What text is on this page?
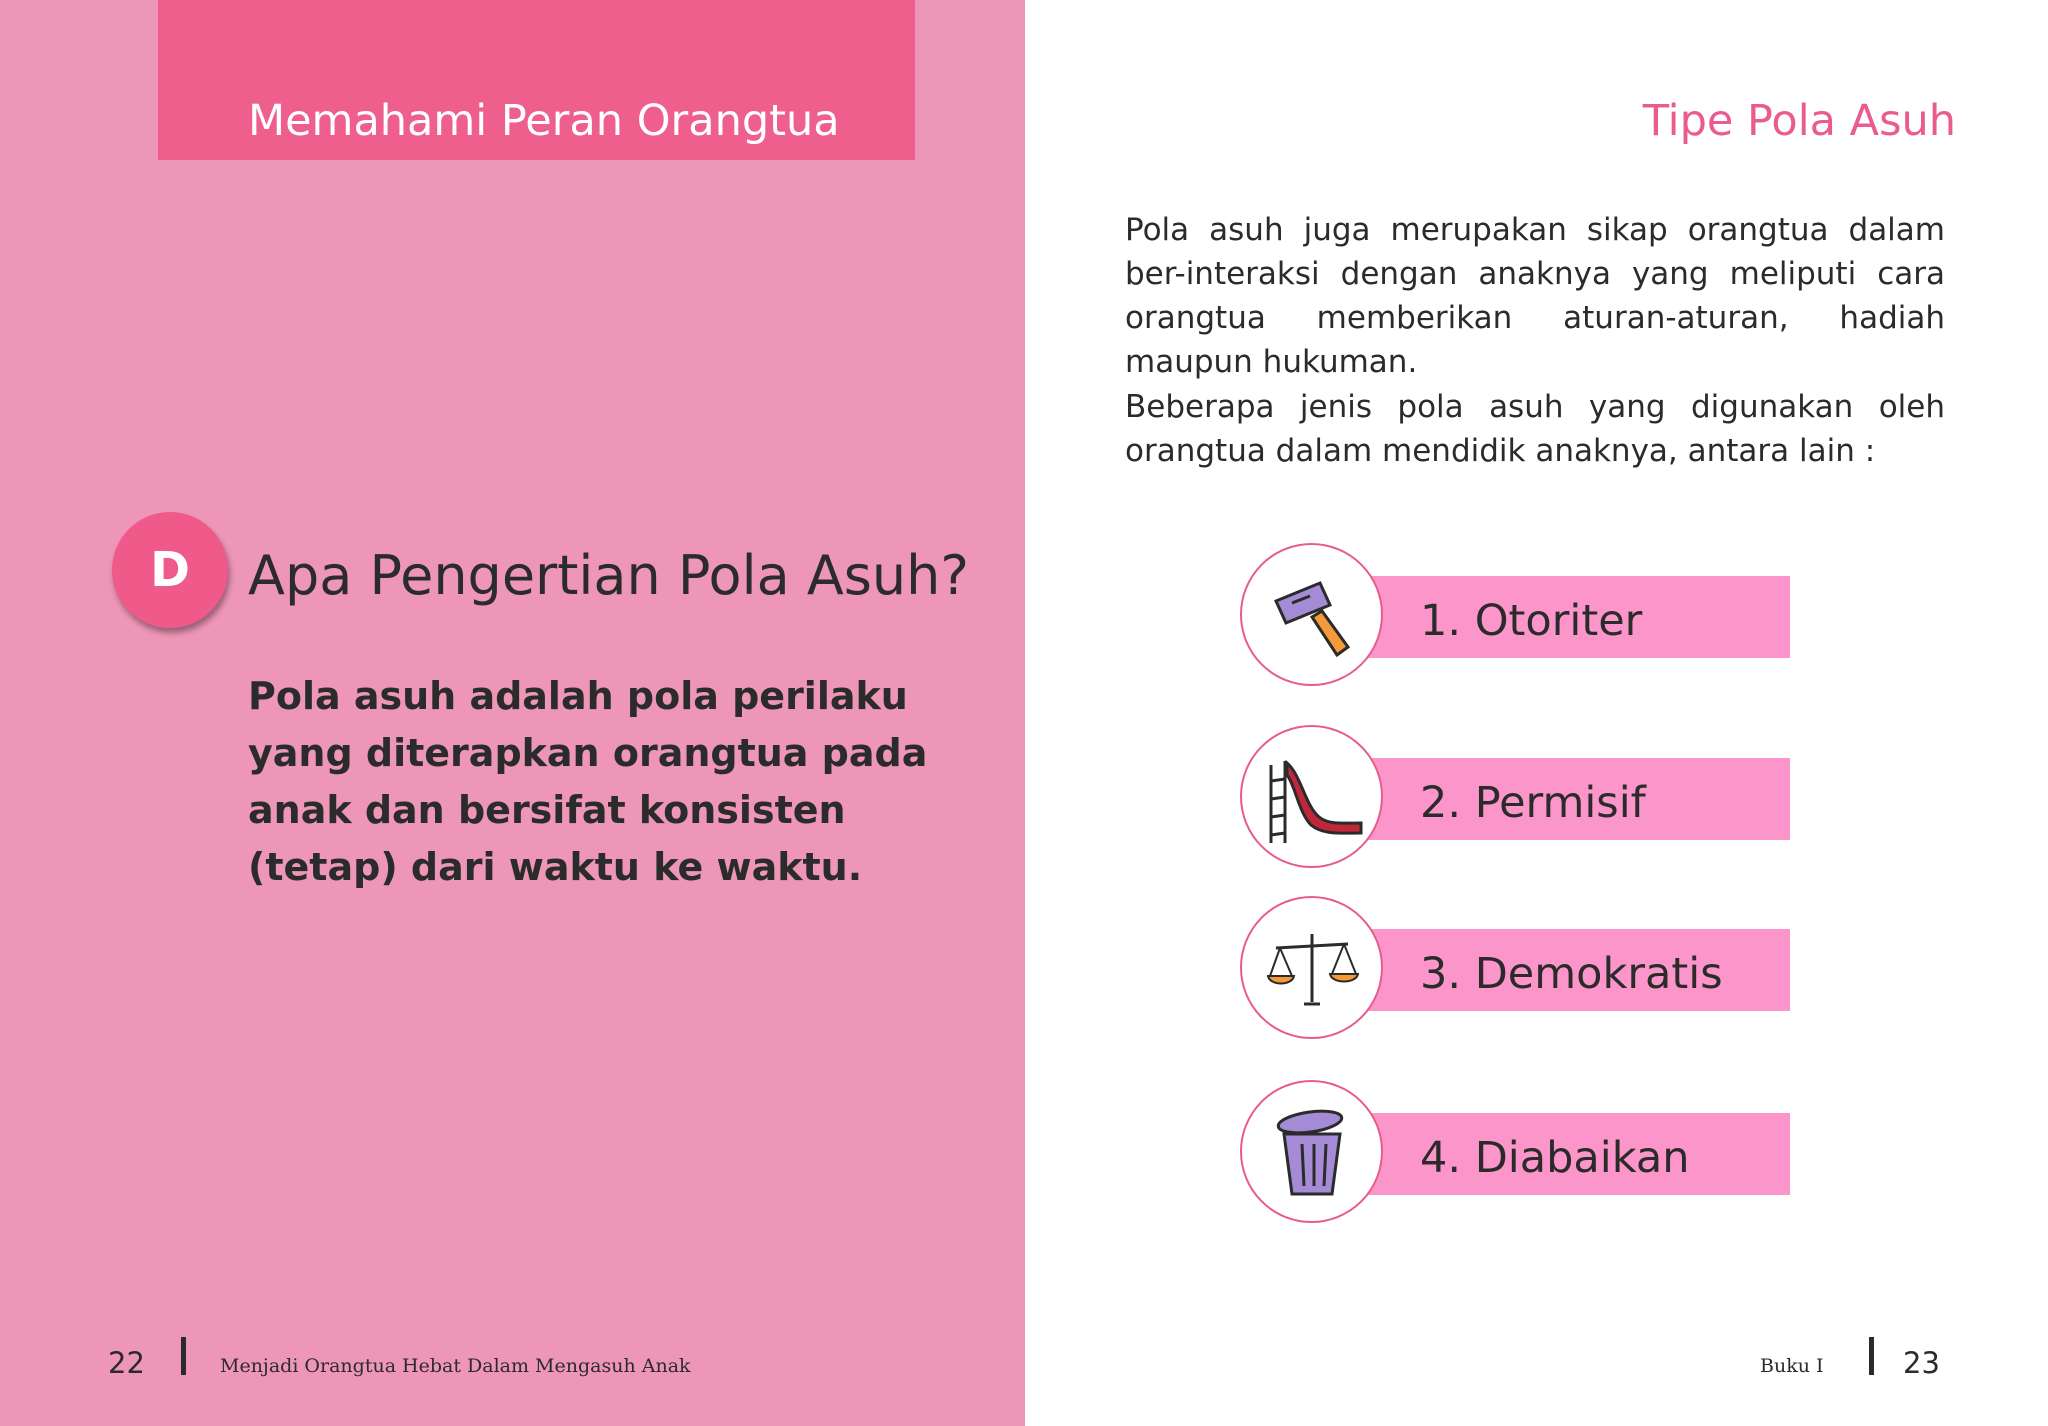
Memahami Peran Orangtua
D Apa Pengertian Pola Asuh?
Pola asuh adalah pola perilaku yang diterapkan orangtua pada anak dan bersifat konsisten (tetap) dari waktu ke waktu.
22	Menjadi Orangtua Hebat Dalam Mengasuh Anak
Tipe Pola Asuh
Pola asuh juga merupakan sikap orangtua dalam ber-interaksi dengan anaknya yang meliputi cara orangtua memberikan aturan-aturan, hadiah maupun hukuman.
Beberapa jenis pola asuh yang digunakan oleh orangtua dalam mendidik anaknya, antara lain :
1. Otoriter
2. Permisif
3. Demokratis
4. Diabaikan
Buku I	23
